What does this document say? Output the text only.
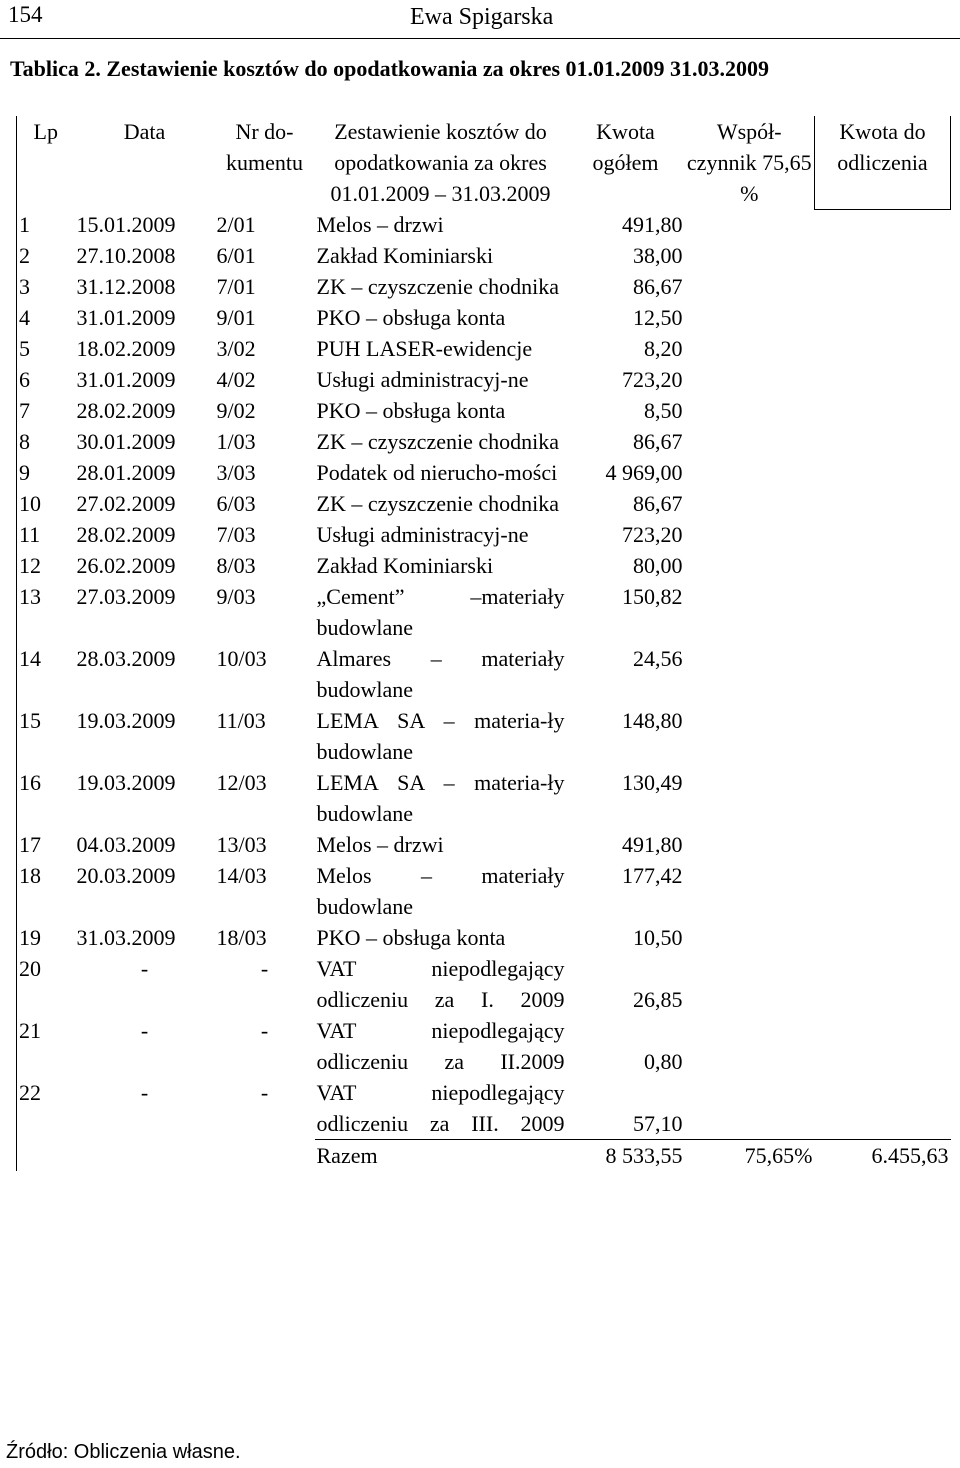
154	Ewa Spigarska
Tablica 2. Zestawienie kosztów do opodatkowania za okres 01.01.2009 31.03.2009
Lp	Data	Nr do-kumentu	Zestawienie kosztów do opodatkowania za okres 01.01.2009 – 31.03.2009	Kwota ogółem	Współ-czynnik 75,65 %	Kwota do odliczenia
1	15.01.2009	2/01	Melos – drzwi	491,80		
2	27.10.2008	6/01	Zakład Kominiarski	38,00		
3	31.12.2008	7/01	ZK – czyszczenie chodnika	86,67		
4	31.01.2009	9/01	PKO – obsługa konta	12,50		
5	18.02.2009	3/02	PUH LASER-ewidencje	8,20		
6	31.01.2009	4/02	Usługi administracyj-ne	723,20		
7	28.02.2009	9/02	PKO – obsługa konta	8,50		
8	30.01.2009	1/03	ZK – czyszczenie chodnika	86,67		
9	28.01.2009	3/03	Podatek od nierucho-mości	4 969,00		
10	27.02.2009	6/03	ZK – czyszczenie chodnika	86,67		
11	28.02.2009	7/03	Usługi administracyj-ne	723,20		
12	26.02.2009	8/03	Zakład Kominiarski	80,00		
13	27.03.2009	9/03	„Cement” –materiały budowlane	150,82		
14	28.03.2009	10/03	Almares – materiały budowlane	24,56		
15	19.03.2009	11/03	LEMA SA – materia-ły budowlane	148,80		
16	19.03.2009	12/03	LEMA SA – materia-ły budowlane	130,49		
17	04.03.2009	13/03	Melos – drzwi	491,80		
18	20.03.2009	14/03	Melos – materiały budowlane	177,42		
19	31.03.2009	18/03	PKO – obsługa konta	10,50		
20	-	-	VAT niepodlegający odliczeniu za I. 2009	26,85		
21	-	-	VAT niepodlegający odliczeniu za II.2009	0,80		
22	-	-	VAT niepodlegający odliczeniu za III. 2009	57,10		
			Razem	8 533,55	75,65%	6.455,63
Źródło: Obliczenia własne.
